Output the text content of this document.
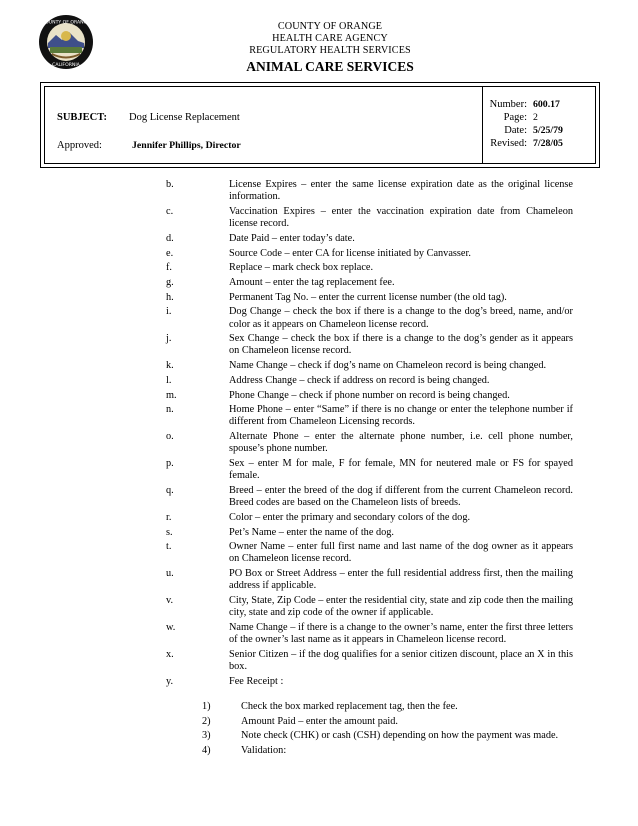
COUNTY OF ORANGE
CALIFORNIA
COUNTY OF ORANGE
HEALTH CARE AGENCY
REGULATORY HEALTH SERVICES
ANIMAL CARE SERVICES
SUBJECT: Dog License Replacement
Approved:	Jennifer Phillips, Director
Number: 600.17
Page: 2
Date: 5/25/79
Revised: 7/28/05
b.	License Expires – enter the same license expiration date as the original license information.
c.	Vaccination Expires – enter the vaccination expiration date from Chameleon license record.
d.	Date Paid – enter today’s date.
e.	Source Code – enter CA for license initiated by Canvasser.
f.	Replace – mark check box replace.
g.	Amount – enter the tag replacement fee.
h.	Permanent Tag No. – enter the current license number (the old tag).
i.	Dog Change – check the box if there is a change to the dog’s breed, name, and/or color as it appears on Chameleon license record.
j.	Sex Change – check the box if there is a change to the dog’s gender as it appears on Chameleon license record.
k.	Name Change – check if dog’s name on Chameleon record is being changed.
l.	Address Change – check if address on record is being changed.
m.	Phone Change – check if phone number on record is being changed.
n.	Home Phone – enter “Same” if there is no change or enter the telephone number if different from Chameleon Licensing records.
o.	Alternate Phone – enter the alternate phone number, i.e. cell phone number, spouse’s phone number.
p.	Sex – enter M for male, F for female, MN for neutered male or FS for spayed female.
q.	Breed – enter the breed of the dog if different from the current Chameleon record. Breed codes are based on the Chameleon lists of breeds.
r.	Color – enter the primary and secondary colors of the dog.
s.	Pet’s Name – enter the name of the dog.
t.	Owner Name – enter full first name and last name of the dog owner as it appears on Chameleon license record.
u.	PO Box or Street Address – enter the full residential address first, then the mailing address if applicable.
v.	City, State, Zip Code – enter the residential city, state and zip code then the mailing city, state and zip code of the owner if applicable.
w.	Name Change – if there is a change to the owner’s name, enter the first three letters of the owner’s last name as it appears in Chameleon license record.
x.	Senior Citizen – if the dog qualifies for a senior citizen discount, place an X in this box.
y.	Fee Receipt :
1)	Check the box marked replacement tag, then the fee.
2)	Amount Paid – enter the amount paid.
3)	Note check (CHK) or cash (CSH) depending on how the payment was made.
4)	Validation:
